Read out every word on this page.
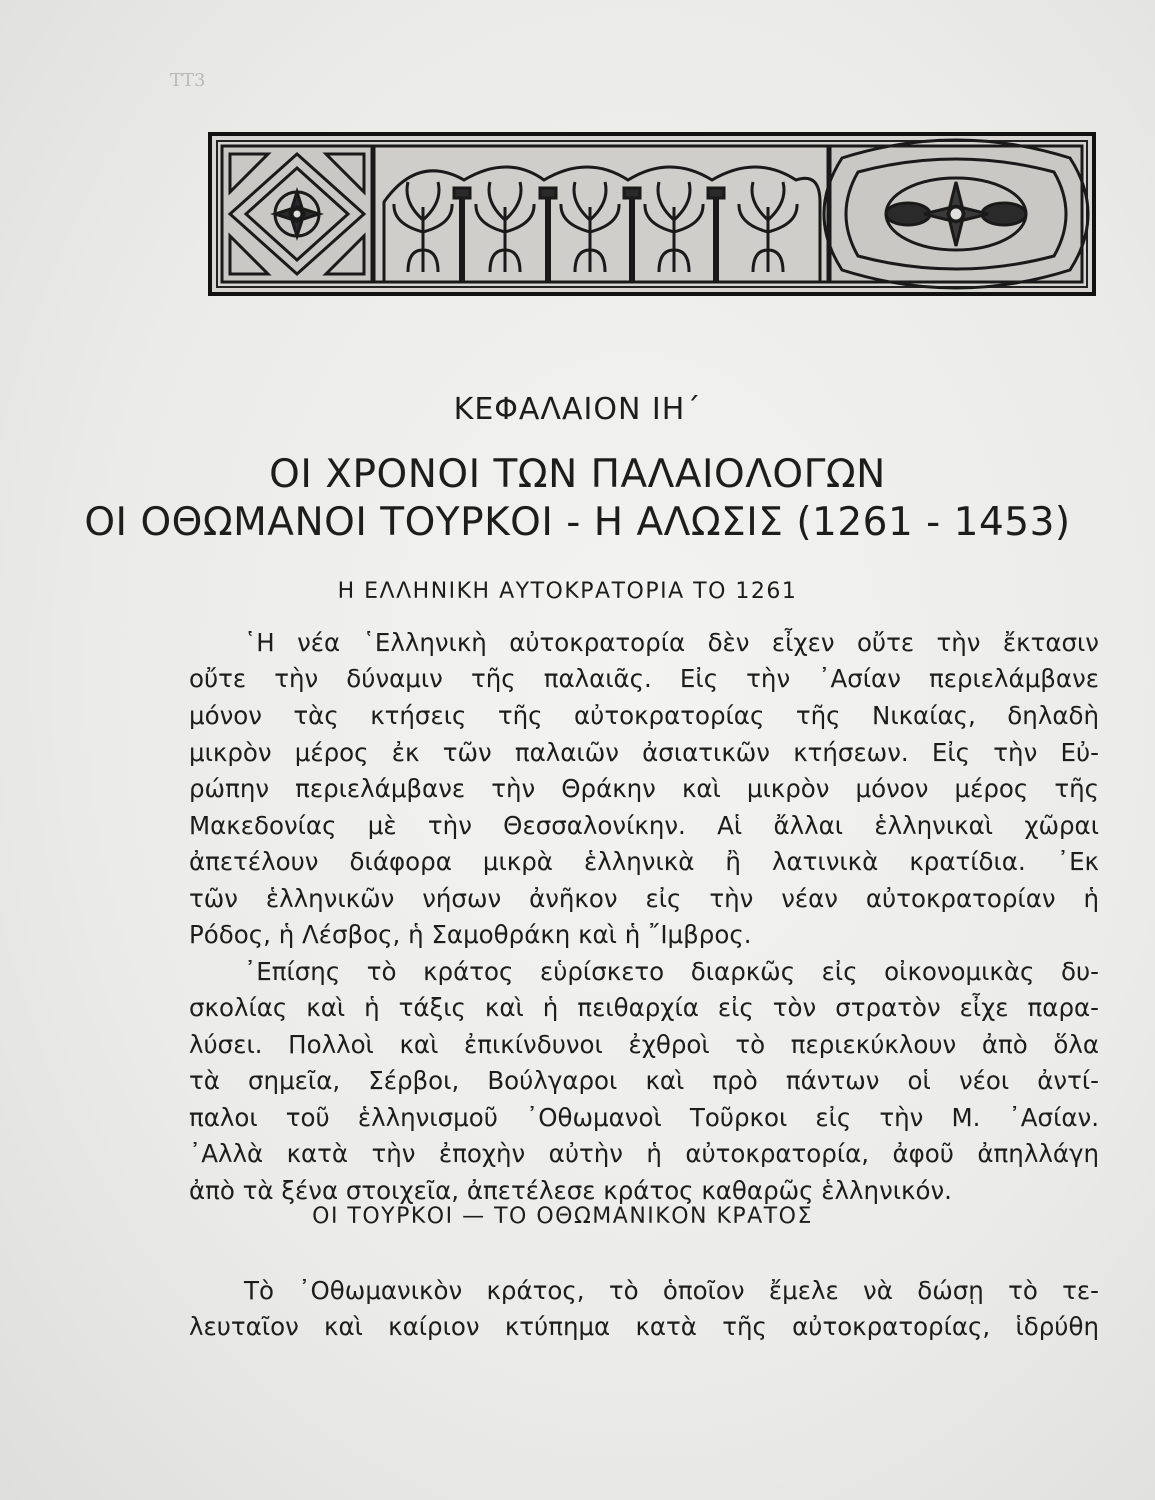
ΤΤ3
ΚΕΦΑΛΑΙΟΝ ΙΗ΄
ΟΙ ΧΡΟΝΟΙ ΤΩΝ ΠΑΛΑΙΟΛΟΓΩΝ
ΟΙ ΟΘΩΜΑΝΟΙ ΤΟΥΡΚΟΙ - Η ΑΛΩΣΙΣ (1261 - 1453)
Η ΕΛΛΗΝΙΚΗ ΑΥΤΟΚΡΑΤΟΡΙΑ ΤΟ 1261
῾Η νέα ῾Ελληνικὴ αὐτοκρατορία δὲν εἶχεν οὔτε τὴν ἔκτασιν
οὔτε τὴν δύναμιν τῆς παλαιᾶς. Εἰς τὴν ᾿Ασίαν περιελάμβανε
μόνον τὰς κτήσεις τῆς αὐτοκρατορίας τῆς Νικαίας, δηλαδὴ
μικρὸν μέρος ἐκ τῶν παλαιῶν ἀσιατικῶν κτήσεων. Εἰς τὴν Εὐ-
ρώπην περιελάμβανε τὴν Θράκην καὶ μικρὸν μόνον μέρος τῆς
Μακεδονίας μὲ τὴν Θεσσαλονίκην. Αἱ ἄλλαι ἑλληνικαὶ χῶραι
ἀπετέλουν διάφορα μικρὰ ἑλληνικὰ ἢ λατινικὰ κρατίδια. ᾿Εκ
τῶν ἑλληνικῶν νήσων ἀνῆκον εἰς τὴν νέαν αὐτοκρατορίαν ἡ
Ρόδος, ἡ Λέσβος, ἡ Σαμοθράκη καὶ ἡ ῎Ιμβρος.
᾿Επίσης τὸ κράτος εὑρίσκετο διαρκῶς εἰς οἰκονομικὰς δυ-
σκολίας καὶ ἡ τάξις καὶ ἡ πειθαρχία εἰς τὸν στρατὸν εἶχε παρα-
λύσει. Πολλοὶ καὶ ἐπικίνδυνοι ἐχθροὶ τὸ περιεκύκλουν ἀπὸ ὅλα
τὰ σημεῖα, Σέρβοι, Βούλγαροι καὶ πρὸ πάντων οἱ νέοι ἀντί-
παλοι τοῦ ἑλληνισμοῦ ᾿Οθωμανοὶ Τοῦρκοι εἰς τὴν Μ. ᾿Ασίαν.
᾿Αλλὰ κατὰ τὴν ἐποχὴν αὐτὴν ἡ αὐτοκρατορία, ἀφοῦ ἀπηλλάγη
ἀπὸ τὰ ξένα στοιχεῖα, ἀπετέλεσε κράτος καθαρῶς ἑλληνικόν.
ΟΙ ΤΟΥΡΚΟΙ — ΤΟ ΟΘΩΜΑΝΙΚΟΝ ΚΡΑΤΟΣ
Τὸ ᾿Οθωμανικὸν κράτος, τὸ ὁποῖον ἔμελε νὰ δώσῃ τὸ τε-
λευταῖον καὶ καίριον κτύπημα κατὰ τῆς αὐτοκρατορίας, ἱδρύθη
